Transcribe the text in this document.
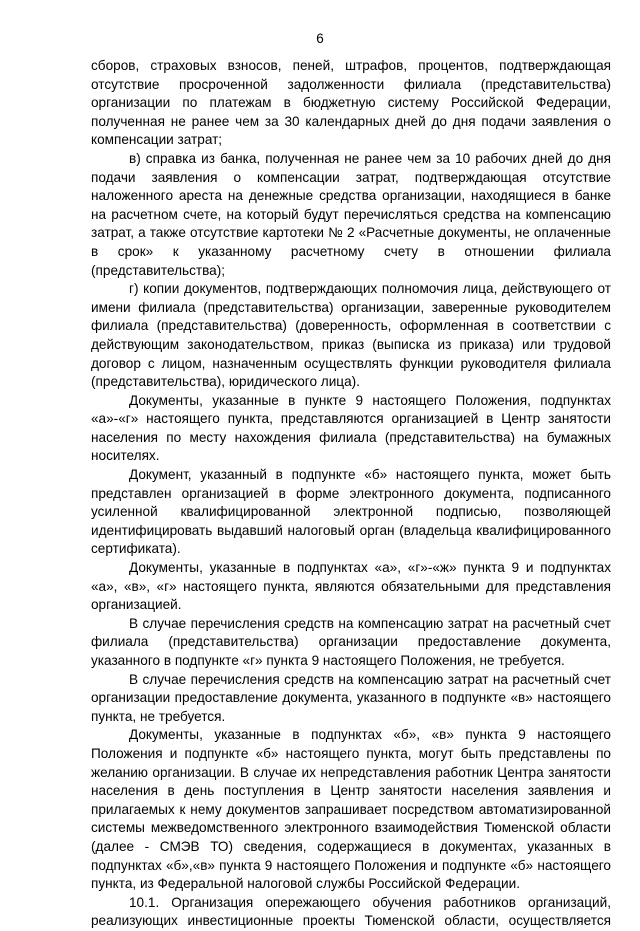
6

сборов, страховых взносов, пеней, штрафов, процентов, подтверждающая отсутствие просроченной задолженности филиала (представительства) организации по платежам в бюджетную систему Российской Федерации, полученная не ранее чем за 30 календарных дней до дня подачи заявления о компенсации затрат;

в) справка из банка, полученная не ранее чем за 10 рабочих дней до дня подачи заявления о компенсации затрат, подтверждающая отсутствие наложенного ареста на денежные средства организации, находящиеся в банке на расчетном счете, на который будут перечисляться средства на компенсацию затрат, а также отсутствие картотеки № 2 «Расчетные документы, не оплаченные в срок» к указанному расчетному счету в отношении филиала (представительства);

г) копии документов, подтверждающих полномочия лица, действующего от имени филиала (представительства) организации, заверенные руководителем филиала (представительства) (доверенность, оформленная в соответствии с действующим законодательством, приказ (выписка из приказа) или трудовой договор с лицом, назначенным осуществлять функции руководителя филиала (представительства), юридического лица).

Документы, указанные в пункте 9 настоящего Положения, подпунктах «а»-«г» настоящего пункта, представляются организацией в Центр занятости населения по месту нахождения филиала (представительства) на бумажных носителях.

Документ, указанный в подпункте «б» настоящего пункта, может быть представлен организацией в форме электронного документа, подписанного усиленной квалифицированной электронной подписью, позволяющей идентифицировать выдавший налоговый орган (владельца квалифицированного сертификата).

Документы, указанные в подпунктах «а», «г»-«ж» пункта 9 и подпунктах «а», «в», «г» настоящего пункта, являются обязательными для представления организацией.

В случае перечисления средств на компенсацию затрат на расчетный счет филиала (представительства) организации предоставление документа, указанного в подпункте «г» пункта 9 настоящего Положения, не требуется.

В случае перечисления средств на компенсацию затрат на расчетный счет организации предоставление документа, указанного в подпункте «в» настоящего пункта, не требуется.

Документы, указанные в подпунктах «б», «в» пункта 9 настоящего Положения и подпункте «б» настоящего пункта, могут быть представлены по желанию организации. В случае их непредставления работник Центра занятости населения в день поступления в Центр занятости населения заявления и прилагаемых к нему документов запрашивает посредством автоматизированной системы межведомственного электронного взаимодействия Тюменской области (далее - СМЭВ ТО) сведения, содержащиеся в документах, указанных в подпунктах «б»,«в» пункта 9 настоящего Положения и подпункте «б» настоящего пункта, из Федеральной налоговой службы Российской Федерации.

10.1. Организация опережающего обучения работников организаций, реализующих инвестиционные проекты Тюменской области, осуществляется
